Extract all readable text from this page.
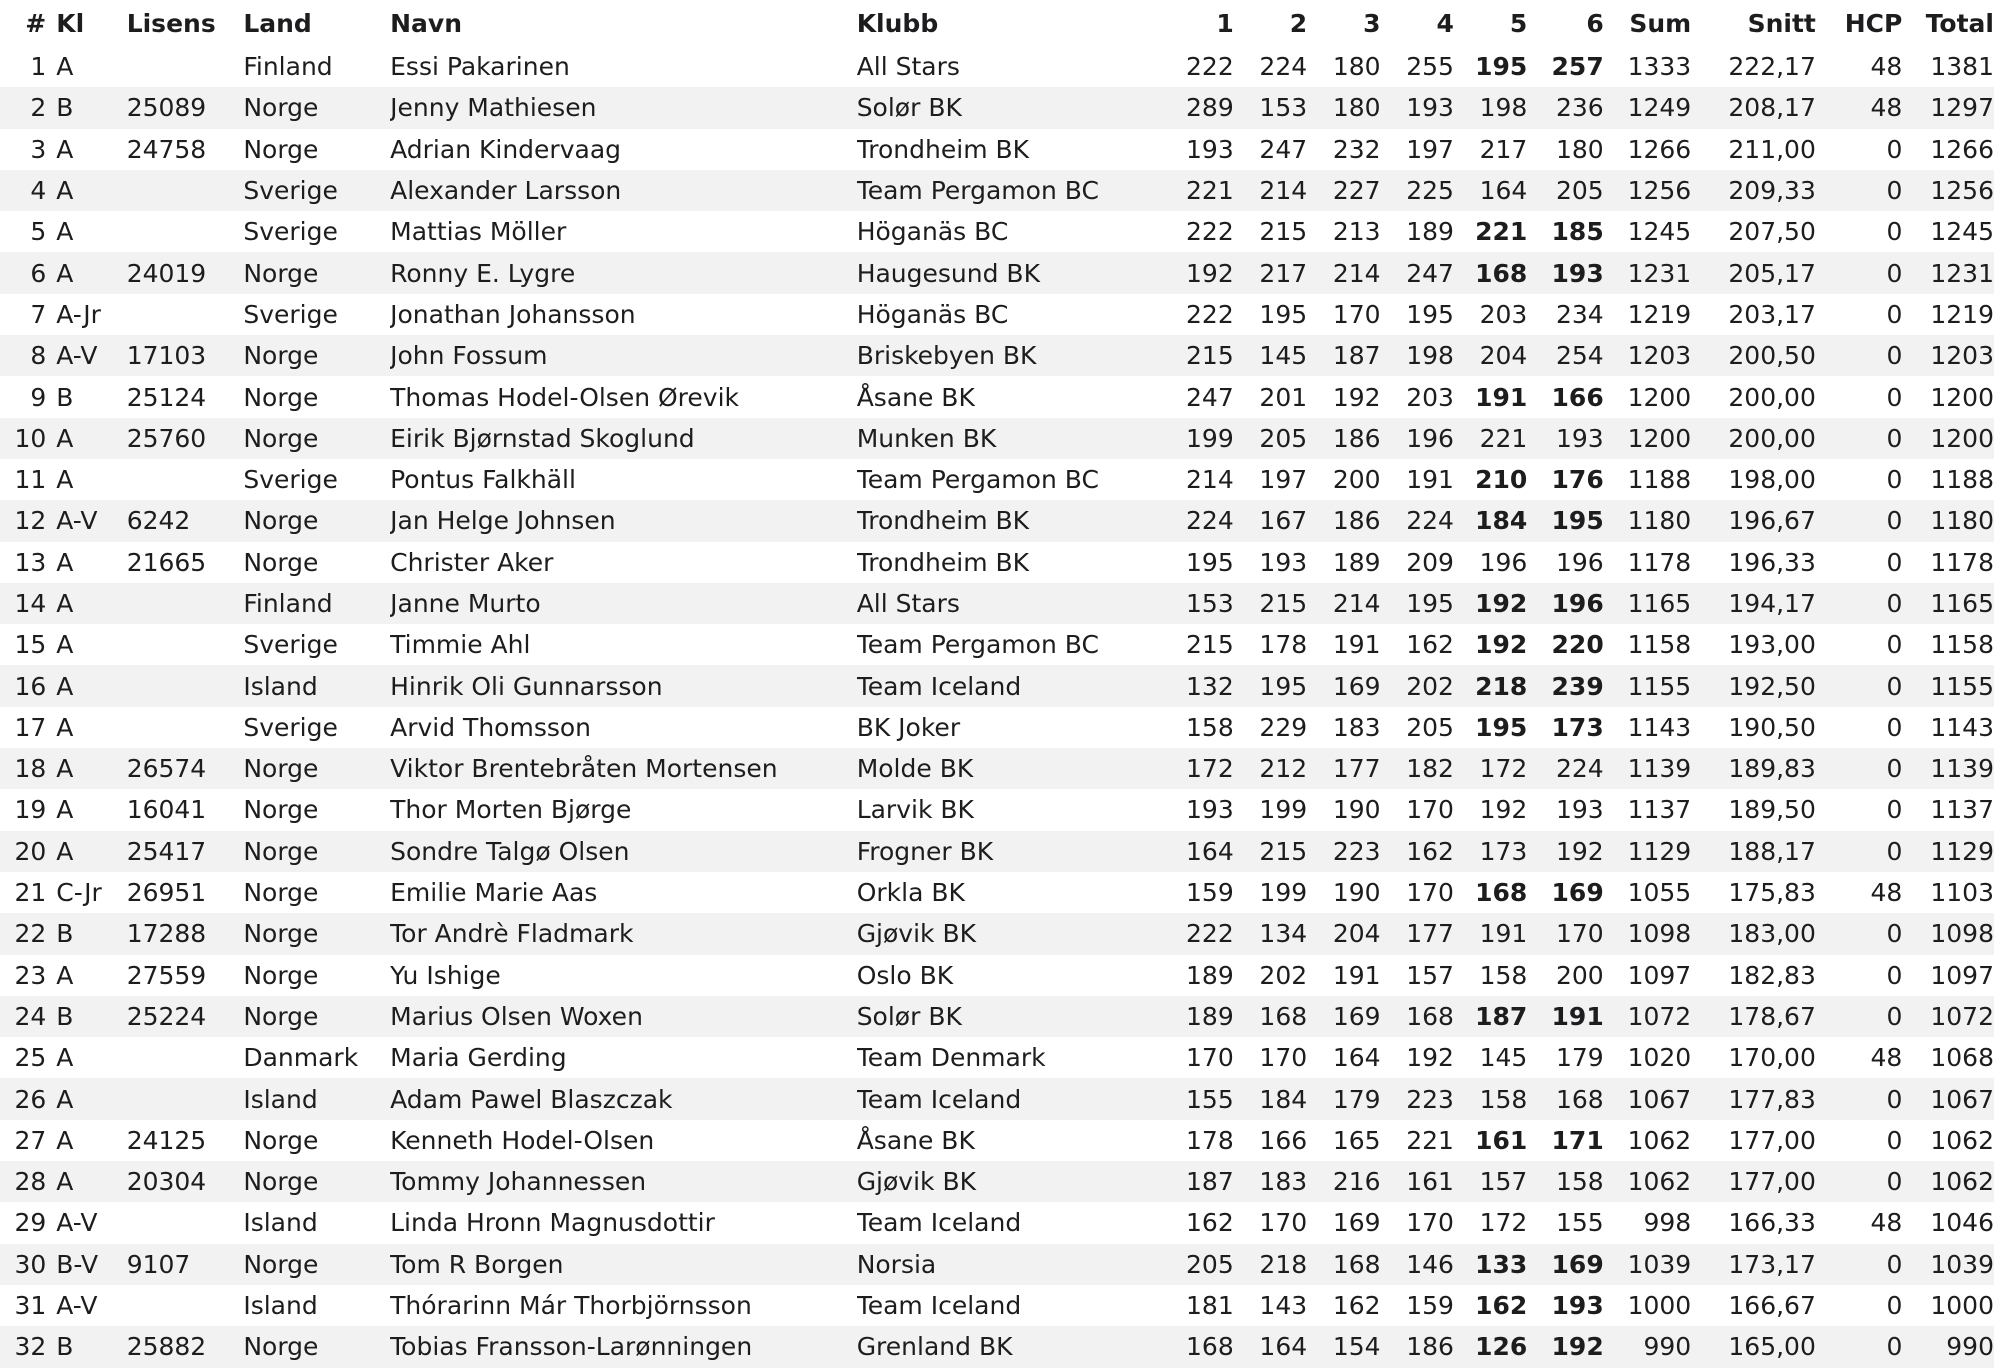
#	Kl	Lisens	Land	Navn	Klubb	1	2	3	4	5	6	Sum	Snitt	HCP	Total
1	A		Finland	Essi Pakarinen	All Stars	222	224	180	255	195	257	1333	222,17	48	1381
2	B	25089	Norge	Jenny Mathiesen	Solør BK	289	153	180	193	198	236	1249	208,17	48	1297
3	A	24758	Norge	Adrian Kindervaag	Trondheim BK	193	247	232	197	217	180	1266	211,00	0	1266
4	A		Sverige	Alexander Larsson	Team Pergamon BC	221	214	227	225	164	205	1256	209,33	0	1256
5	A		Sverige	Mattias Möller	Höganäs BC	222	215	213	189	221	185	1245	207,50	0	1245
6	A	24019	Norge	Ronny E. Lygre	Haugesund BK	192	217	214	247	168	193	1231	205,17	0	1231
7	A-Jr		Sverige	Jonathan Johansson	Höganäs BC	222	195	170	195	203	234	1219	203,17	0	1219
8	A-V	17103	Norge	John Fossum	Briskebyen BK	215	145	187	198	204	254	1203	200,50	0	1203
9	B	25124	Norge	Thomas Hodel-Olsen Ørevik	Åsane BK	247	201	192	203	191	166	1200	200,00	0	1200
10	A	25760	Norge	Eirik Bjørnstad Skoglund	Munken BK	199	205	186	196	221	193	1200	200,00	0	1200
11	A		Sverige	Pontus Falkhäll	Team Pergamon BC	214	197	200	191	210	176	1188	198,00	0	1188
12	A-V	6242	Norge	Jan Helge Johnsen	Trondheim BK	224	167	186	224	184	195	1180	196,67	0	1180
13	A	21665	Norge	Christer Aker	Trondheim BK	195	193	189	209	196	196	1178	196,33	0	1178
14	A		Finland	Janne Murto	All Stars	153	215	214	195	192	196	1165	194,17	0	1165
15	A		Sverige	Timmie Ahl	Team Pergamon BC	215	178	191	162	192	220	1158	193,00	0	1158
16	A		Island	Hinrik Oli Gunnarsson	Team Iceland	132	195	169	202	218	239	1155	192,50	0	1155
17	A		Sverige	Arvid Thomsson	BK Joker	158	229	183	205	195	173	1143	190,50	0	1143
18	A	26574	Norge	Viktor Brentebråten Mortensen	Molde BK	172	212	177	182	172	224	1139	189,83	0	1139
19	A	16041	Norge	Thor Morten Bjørge	Larvik BK	193	199	190	170	192	193	1137	189,50	0	1137
20	A	25417	Norge	Sondre Talgø Olsen	Frogner BK	164	215	223	162	173	192	1129	188,17	0	1129
21	C-Jr	26951	Norge	Emilie Marie Aas	Orkla BK	159	199	190	170	168	169	1055	175,83	48	1103
22	B	17288	Norge	Tor Andrè Fladmark	Gjøvik BK	222	134	204	177	191	170	1098	183,00	0	1098
23	A	27559	Norge	Yu Ishige	Oslo BK	189	202	191	157	158	200	1097	182,83	0	1097
24	B	25224	Norge	Marius Olsen Woxen	Solør BK	189	168	169	168	187	191	1072	178,67	0	1072
25	A		Danmark	Maria Gerding	Team Denmark	170	170	164	192	145	179	1020	170,00	48	1068
26	A		Island	Adam Pawel Blaszczak	Team Iceland	155	184	179	223	158	168	1067	177,83	0	1067
27	A	24125	Norge	Kenneth Hodel-Olsen	Åsane BK	178	166	165	221	161	171	1062	177,00	0	1062
28	A	20304	Norge	Tommy Johannessen	Gjøvik BK	187	183	216	161	157	158	1062	177,00	0	1062
29	A-V		Island	Linda Hronn Magnusdottir	Team Iceland	162	170	169	170	172	155	998	166,33	48	1046
30	B-V	9107	Norge	Tom R Borgen	Norsia	205	218	168	146	133	169	1039	173,17	0	1039
31	A-V		Island	Thórarinn Már Thorbjörnsson	Team Iceland	181	143	162	159	162	193	1000	166,67	0	1000
32	B	25882	Norge	Tobias Fransson-Larønningen	Grenland BK	168	164	154	186	126	192	990	165,00	0	990
